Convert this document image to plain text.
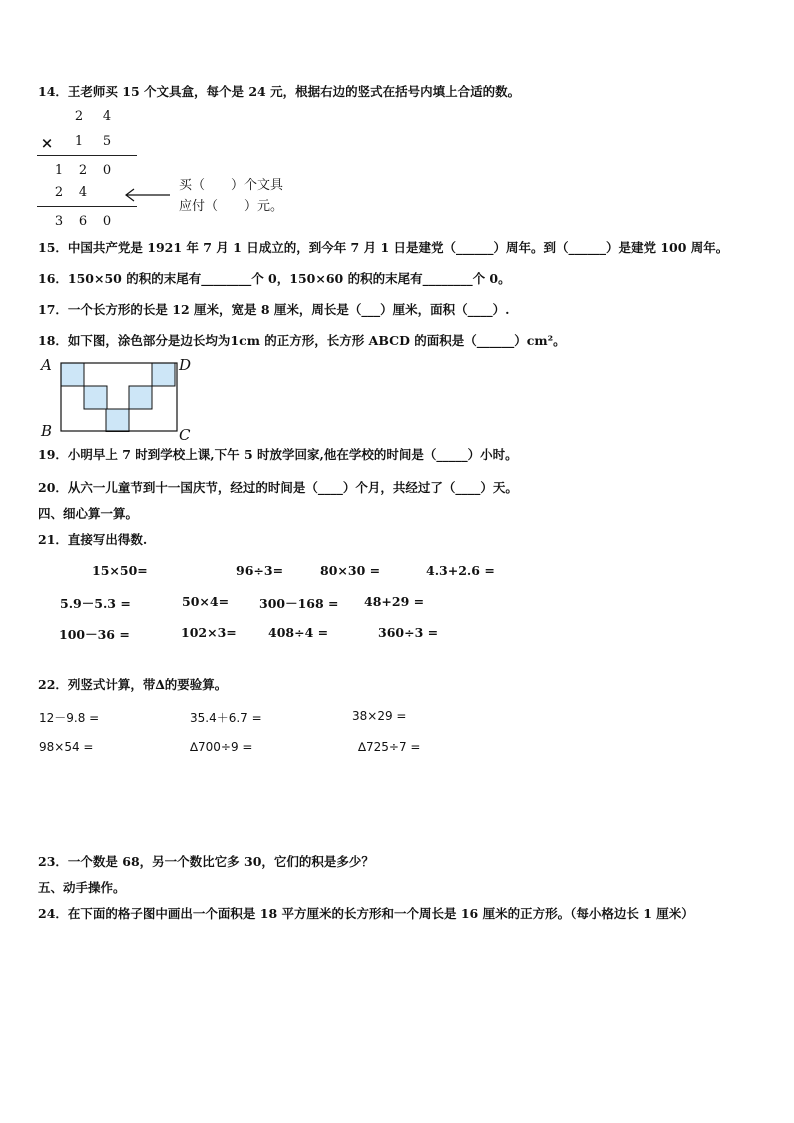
14．王老师买 15 个文具盒，每个是 24 元，根据右边的竖式在括号内填上合适的数。
2 4
× 1 5
1 2 0
2 4
3 6 0
买（　　）个文具
应付（　　）元。
15．中国共产党是 1921 年 7 月 1 日成立的，到今年 7 月 1 日是建党（______）周年。到（______）是建党 100 周年。
16．150×50 的积的末尾有________个 0，150×60 的积的末尾有________个 0。
17．一个长方形的长是 12 厘米，宽是 8 厘米，周长是（___）厘米，面积（____）.
18．如下图，涂色部分是边长均为1cm 的正方形，长方形 ABCD 的面积是（______）cm²。
A	D
B	C
19．小明早上 7 时到学校上课,下午 5 时放学回家,他在学校的时间是（_____）小时。
20．从六一儿童节到十一国庆节，经过的时间是（____）个月，共经过了（____）天。
四、细心算一算。
21．直接写出得数.
15×50=	96÷3=	80×30 =	4.3+2.6 =
5.9－5.3 =	50×4= 300－168 = 48+29 =
100－36 =	102×3=	408÷4 =	360÷3 =
22．列竖式计算，带∆的要验算。
12－9.8 =	35.4＋6.7 =	38×29 =
98×54 =	∆700÷9 =	∆725÷7 =
23．一个数是 68，另一个数比它多 30，它们的积是多少？
五、动手操作。
24．在下面的格子图中画出一个面积是 18 平方厘米的长方形和一个周长是 16 厘米的正方形。（每小格边长 1 厘米）
